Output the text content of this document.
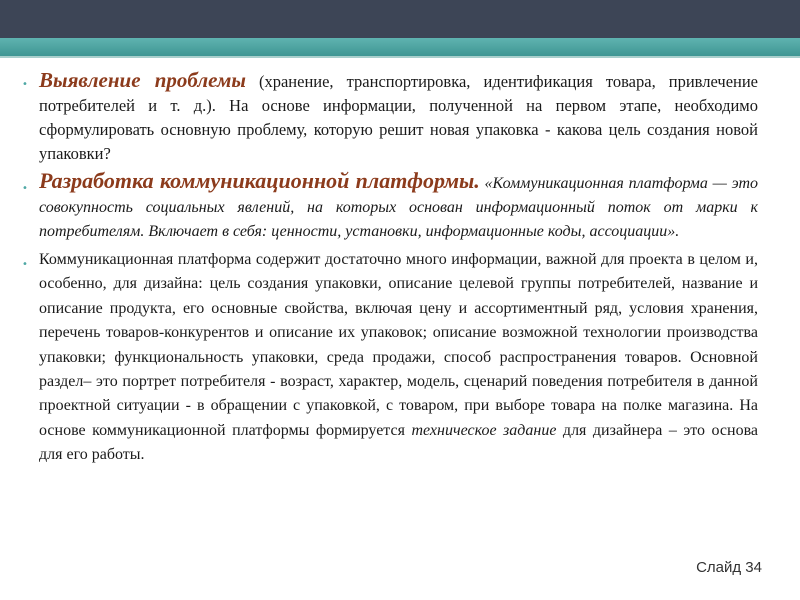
• Выявление проблемы (хранение, транспортировка, идентификация товара, привлечение потребителей и т. д.). На основе информации, полученной на первом этапе, необходимо сформулировать основную проблему, которую решит новая упаковка - какова цель создания новой упаковки?
• Разработка коммуникационной платформы. «Коммуникационная платформа — это совокупность социальных явлений, на которых основан информационный поток от марки к потребителям. Включает в себя: ценности, установки, информационные коды, ассоциации».
• Коммуникационная платформа содержит достаточно много информации, важной для проекта в целом и, особенно, для дизайна: цель создания упаковки, описание целевой группы потребителей, название и описание продукта, его основные свойства, включая цену и ассортиментный ряд, условия хранения, перечень товаров-конкурентов и описание их упаковок; описание возможной технологии производства упаковки; функциональность упаковки, среда продажи, способ распространения товаров. Основной раздел– это портрет потребителя - возраст, характер, модель, сценарий поведения потребителя в данной проектной ситуации - в обращении с упаковкой, с товаром, при выборе товара на полке магазина. На основе коммуникационной платформы формируется техническое задание для дизайнера – это основа для его работы.
Слайд 34
